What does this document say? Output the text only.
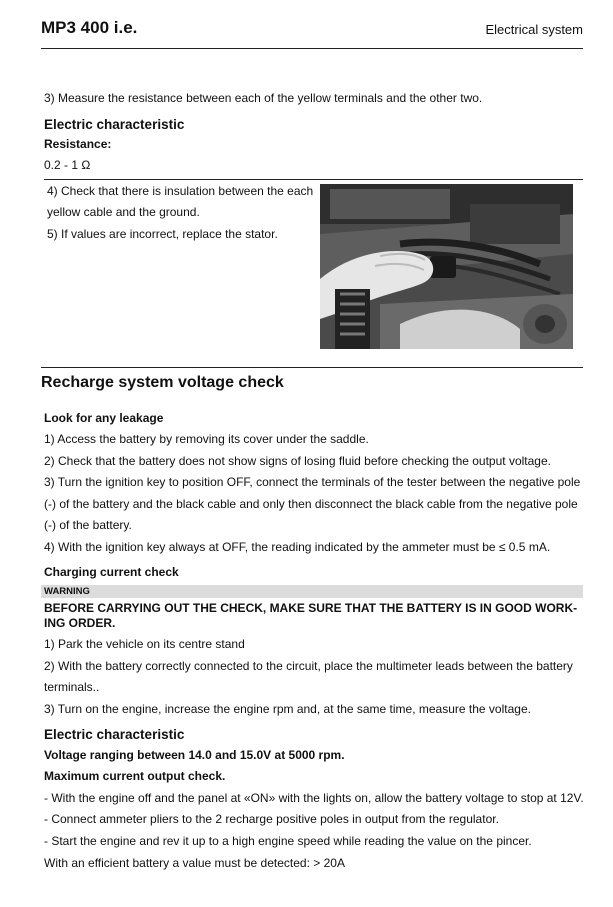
MP3 400 i.e.	Electrical system
3) Measure the resistance between each of the yellow terminals and the other two.
Electric characteristic
Resistance:
0.2 - 1 Ω
4) Check that there is insulation between the each
yellow cable and the ground.
5) If values are incorrect, replace the stator.
Recharge system voltage check
Look for any leakage
1) Access the battery by removing its cover under the saddle.
2) Check that the battery does not show signs of losing fluid before checking the output voltage.
3) Turn the ignition key to position OFF, connect the terminals of the tester between the negative pole
(-) of the battery and the black cable and only then disconnect the black cable from the negative pole
(-) of the battery.
4) With the ignition key always at OFF, the reading indicated by the ammeter must be ≤ 0.5 mA.
Charging current check
WARNING
BEFORE CARRYING OUT THE CHECK, MAKE SURE THAT THE BATTERY IS IN GOOD WORK-
ING ORDER.
1) Park the vehicle on its centre stand
2) With the battery correctly connected to the circuit, place the multimeter leads between the battery
terminals..
3) Turn on the engine, increase the engine rpm and, at the same time, measure the voltage.
Electric characteristic
Voltage ranging between 14.0 and 15.0V at 5000 rpm.
Maximum current output check.
- With the engine off and the panel at «ON» with the lights on, allow the battery voltage to stop at 12V.
- Connect ammeter pliers to the 2 recharge positive poles in output from the regulator.
- Start the engine and rev it up to a high engine speed while reading the value on the pincer.
With an efficient battery a value must be detected: > 20A
